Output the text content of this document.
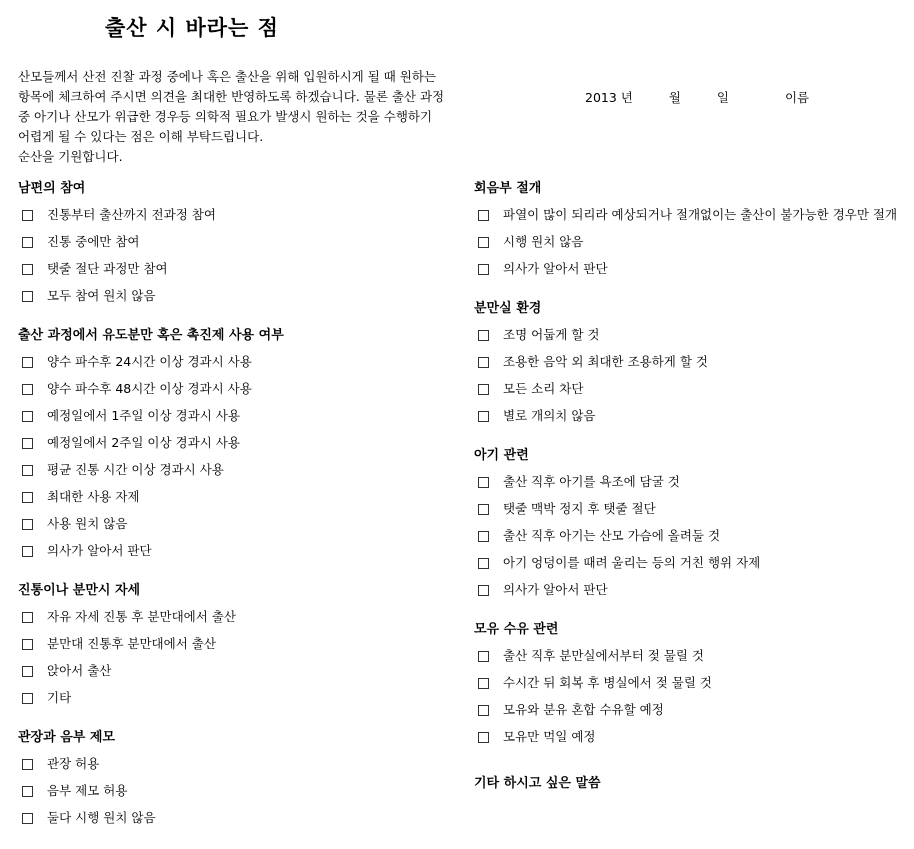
출산 시 바라는 점

산모들께서 산전 진찰 과정 중에나 혹은 출산을 위해 입원하시게 될 때 원하는

항목에 체크하여 주시면 의견을 최대한 반영하도록 하겠습니다. 물론 출산 과정

중 아기나 산모가 위급한 경우등 의학적 필요가 발생시 원하는 것을 수행하기

어렵게 될 수 있다는 점은 이해 부탁드립니다.

순산을 기원합니다.

2013 년	월	일	이름
남편의 참여
진통부터 출산까지 전과정 참여
진통 중에만 참여
탯줄 절단 과정만 참여
모두 참여 원치 않음
출산 과정에서 유도분만 혹은 촉진제 사용 여부
양수 파수후 24시간 이상 경과시 사용
양수 파수후 48시간 이상 경과시 사용
예정일에서 1주일 이상 경과시 사용
예정일에서 2주일 이상 경과시 사용
평균 진통 시간 이상 경과시 사용
최대한 사용 자제
사용 원치 않음
의사가 알아서 판단
진통이나 분만시 자세
자유 자세 진통 후 분만대에서 출산
분만대 진통후 분만대에서 출산
앉아서 출산
기타
관장과 음부 제모
관장 허용
음부 제모 허용
둘다 시행 원치 않음
회음부 절개
파열이 많이 되리라 예상되거나 절개없이는 출산이 불가능한 경우만 절개
시행 원치 않음
의사가 알아서 판단
분만실 환경
조명 어둡게 할 것
조용한 음악 외 최대한 조용하게 할 것
모든 소리 차단
별로 개의치 않음
아기 관련
출산 직후 아기를 욕조에 담굴 것
탯줄 맥박 정지 후 탯줄 절단
출산 직후 아기는 산모 가슴에 올려둘 것
아기 엉덩이를 때려 울리는 등의 거친 행위 자제
의사가 알아서 판단
모유 수유 관련
출산 직후 분만실에서부터 젖 물릴 것
수시간 뒤 회복 후 병실에서 젖 물릴 것
모유와 분유 혼합 수유할 예정
모유만 먹일 예정
기타 하시고 싶은 말씀
